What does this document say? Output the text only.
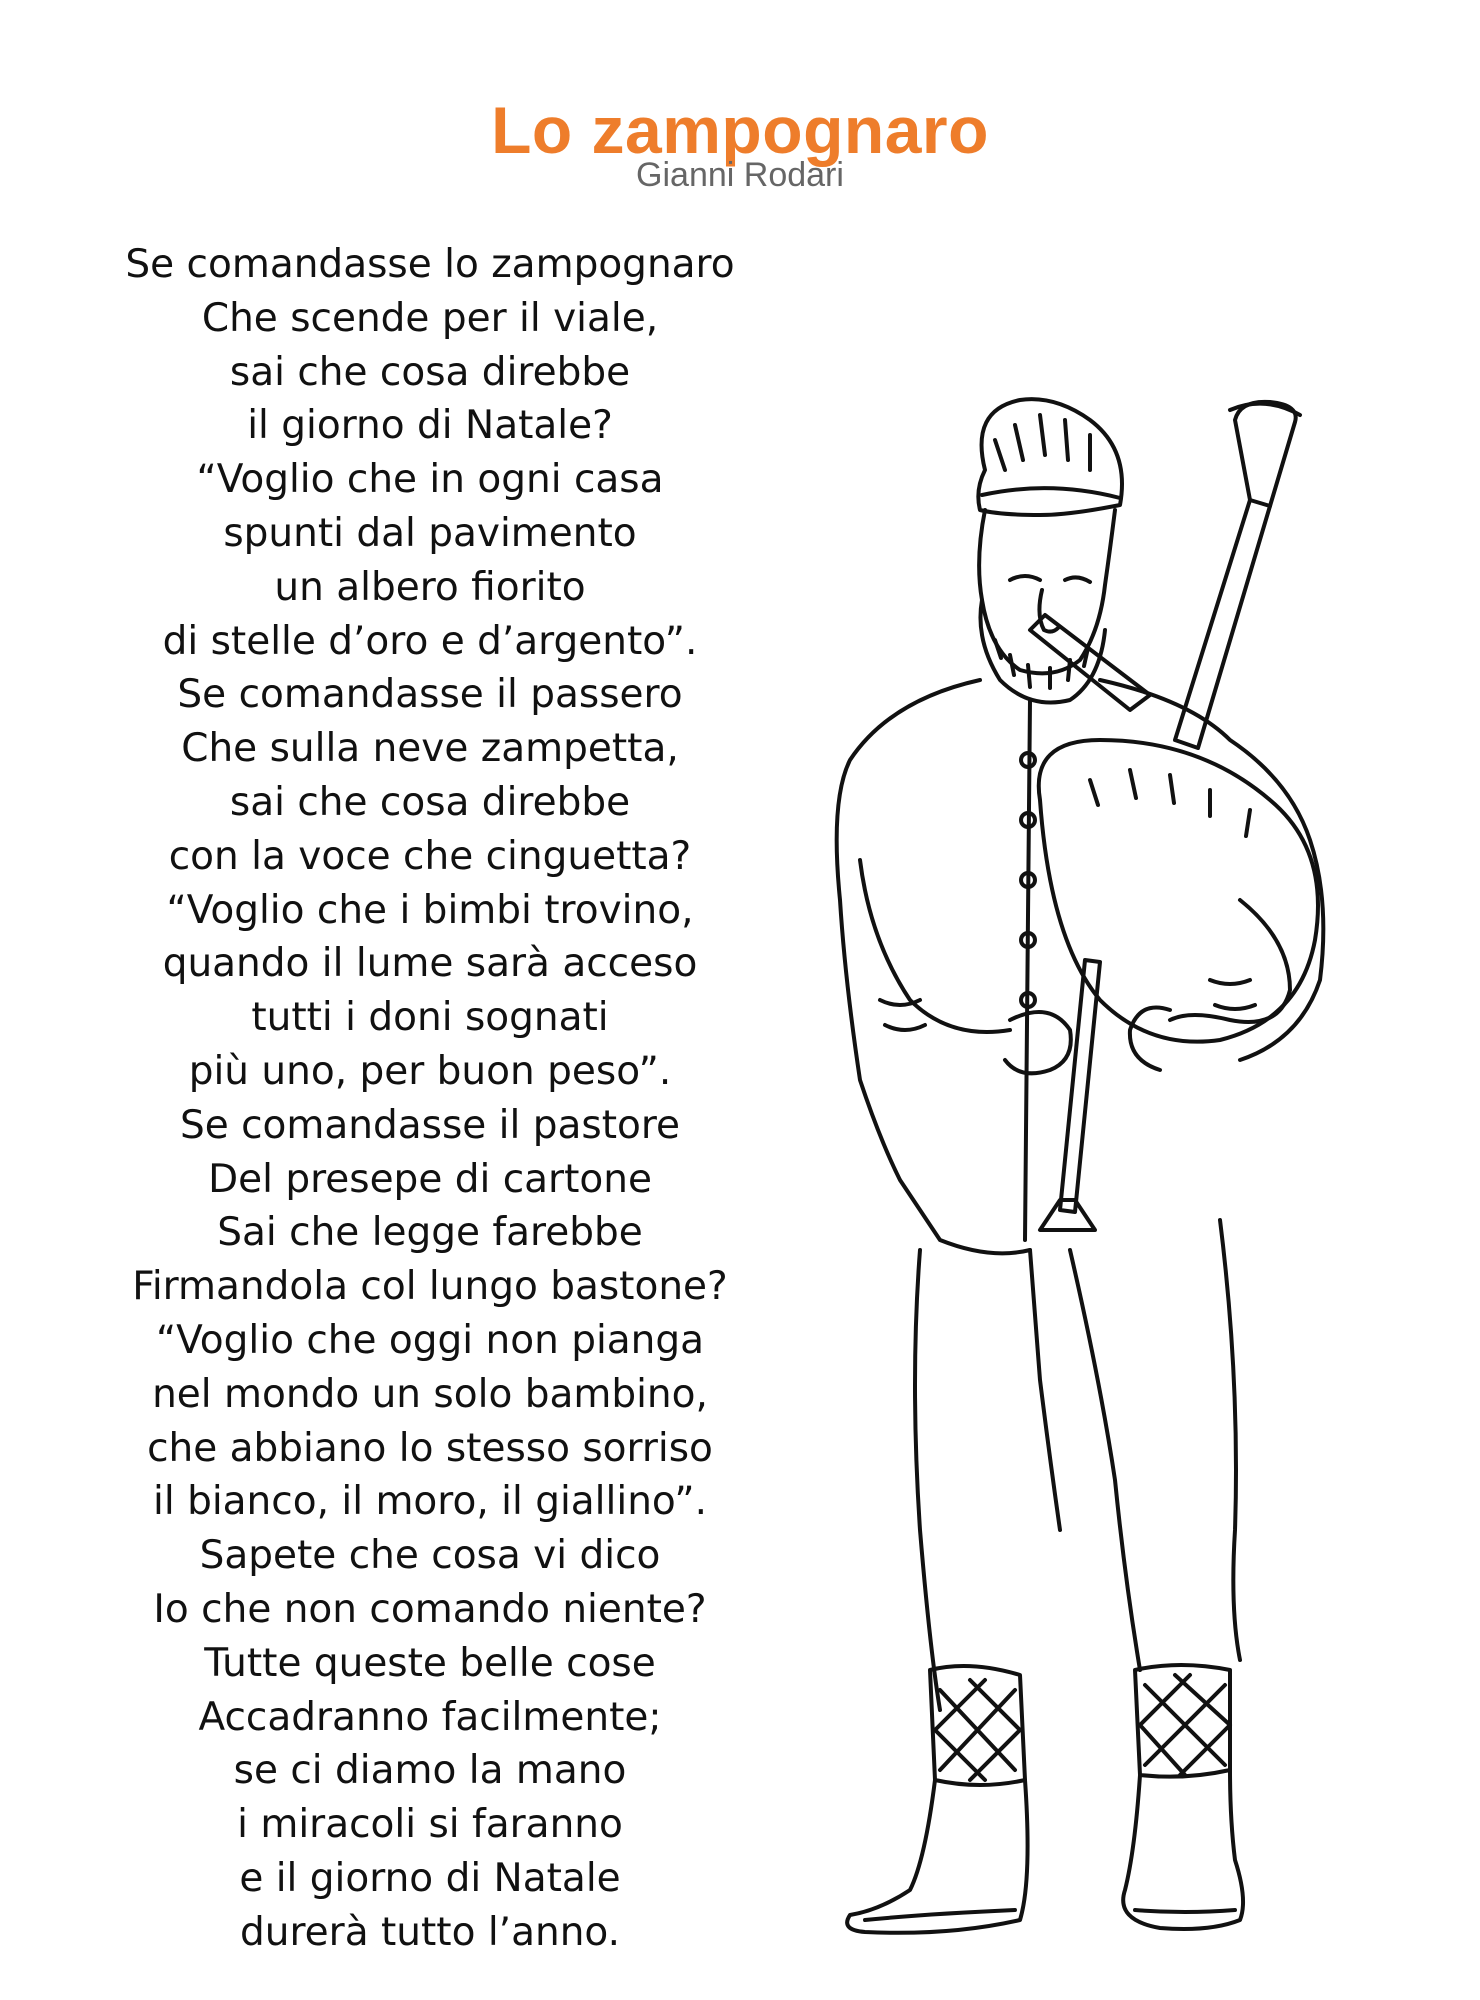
Lo zampognaro
Gianni Rodari
Se comandasse lo zampognaro
Che scende per il viale,
sai che cosa direbbe
il giorno di Natale?
“Voglio che in ogni casa
spunti dal pavimento
un albero fiorito
di stelle d’oro e d’argento”.
Se comandasse il passero
Che sulla neve zampetta,
sai che cosa direbbe
con la voce che cinguetta?
“Voglio che i bimbi trovino,
quando il lume sarà acceso
tutti i doni sognati
più uno, per buon peso”.
Se comandasse il pastore
Del presepe di cartone
Sai che legge farebbe
Firmandola col lungo bastone?
“Voglio che oggi non pianga
nel mondo un solo bambino,
che abbiano lo stesso sorriso
il bianco, il moro, il giallino”.
Sapete che cosa vi dico
Io che non comando niente?
Tutte queste belle cose
Accadranno facilmente;
se ci diamo la mano
i miracoli si faranno
e il giorno di Natale
durerà tutto l’anno.
